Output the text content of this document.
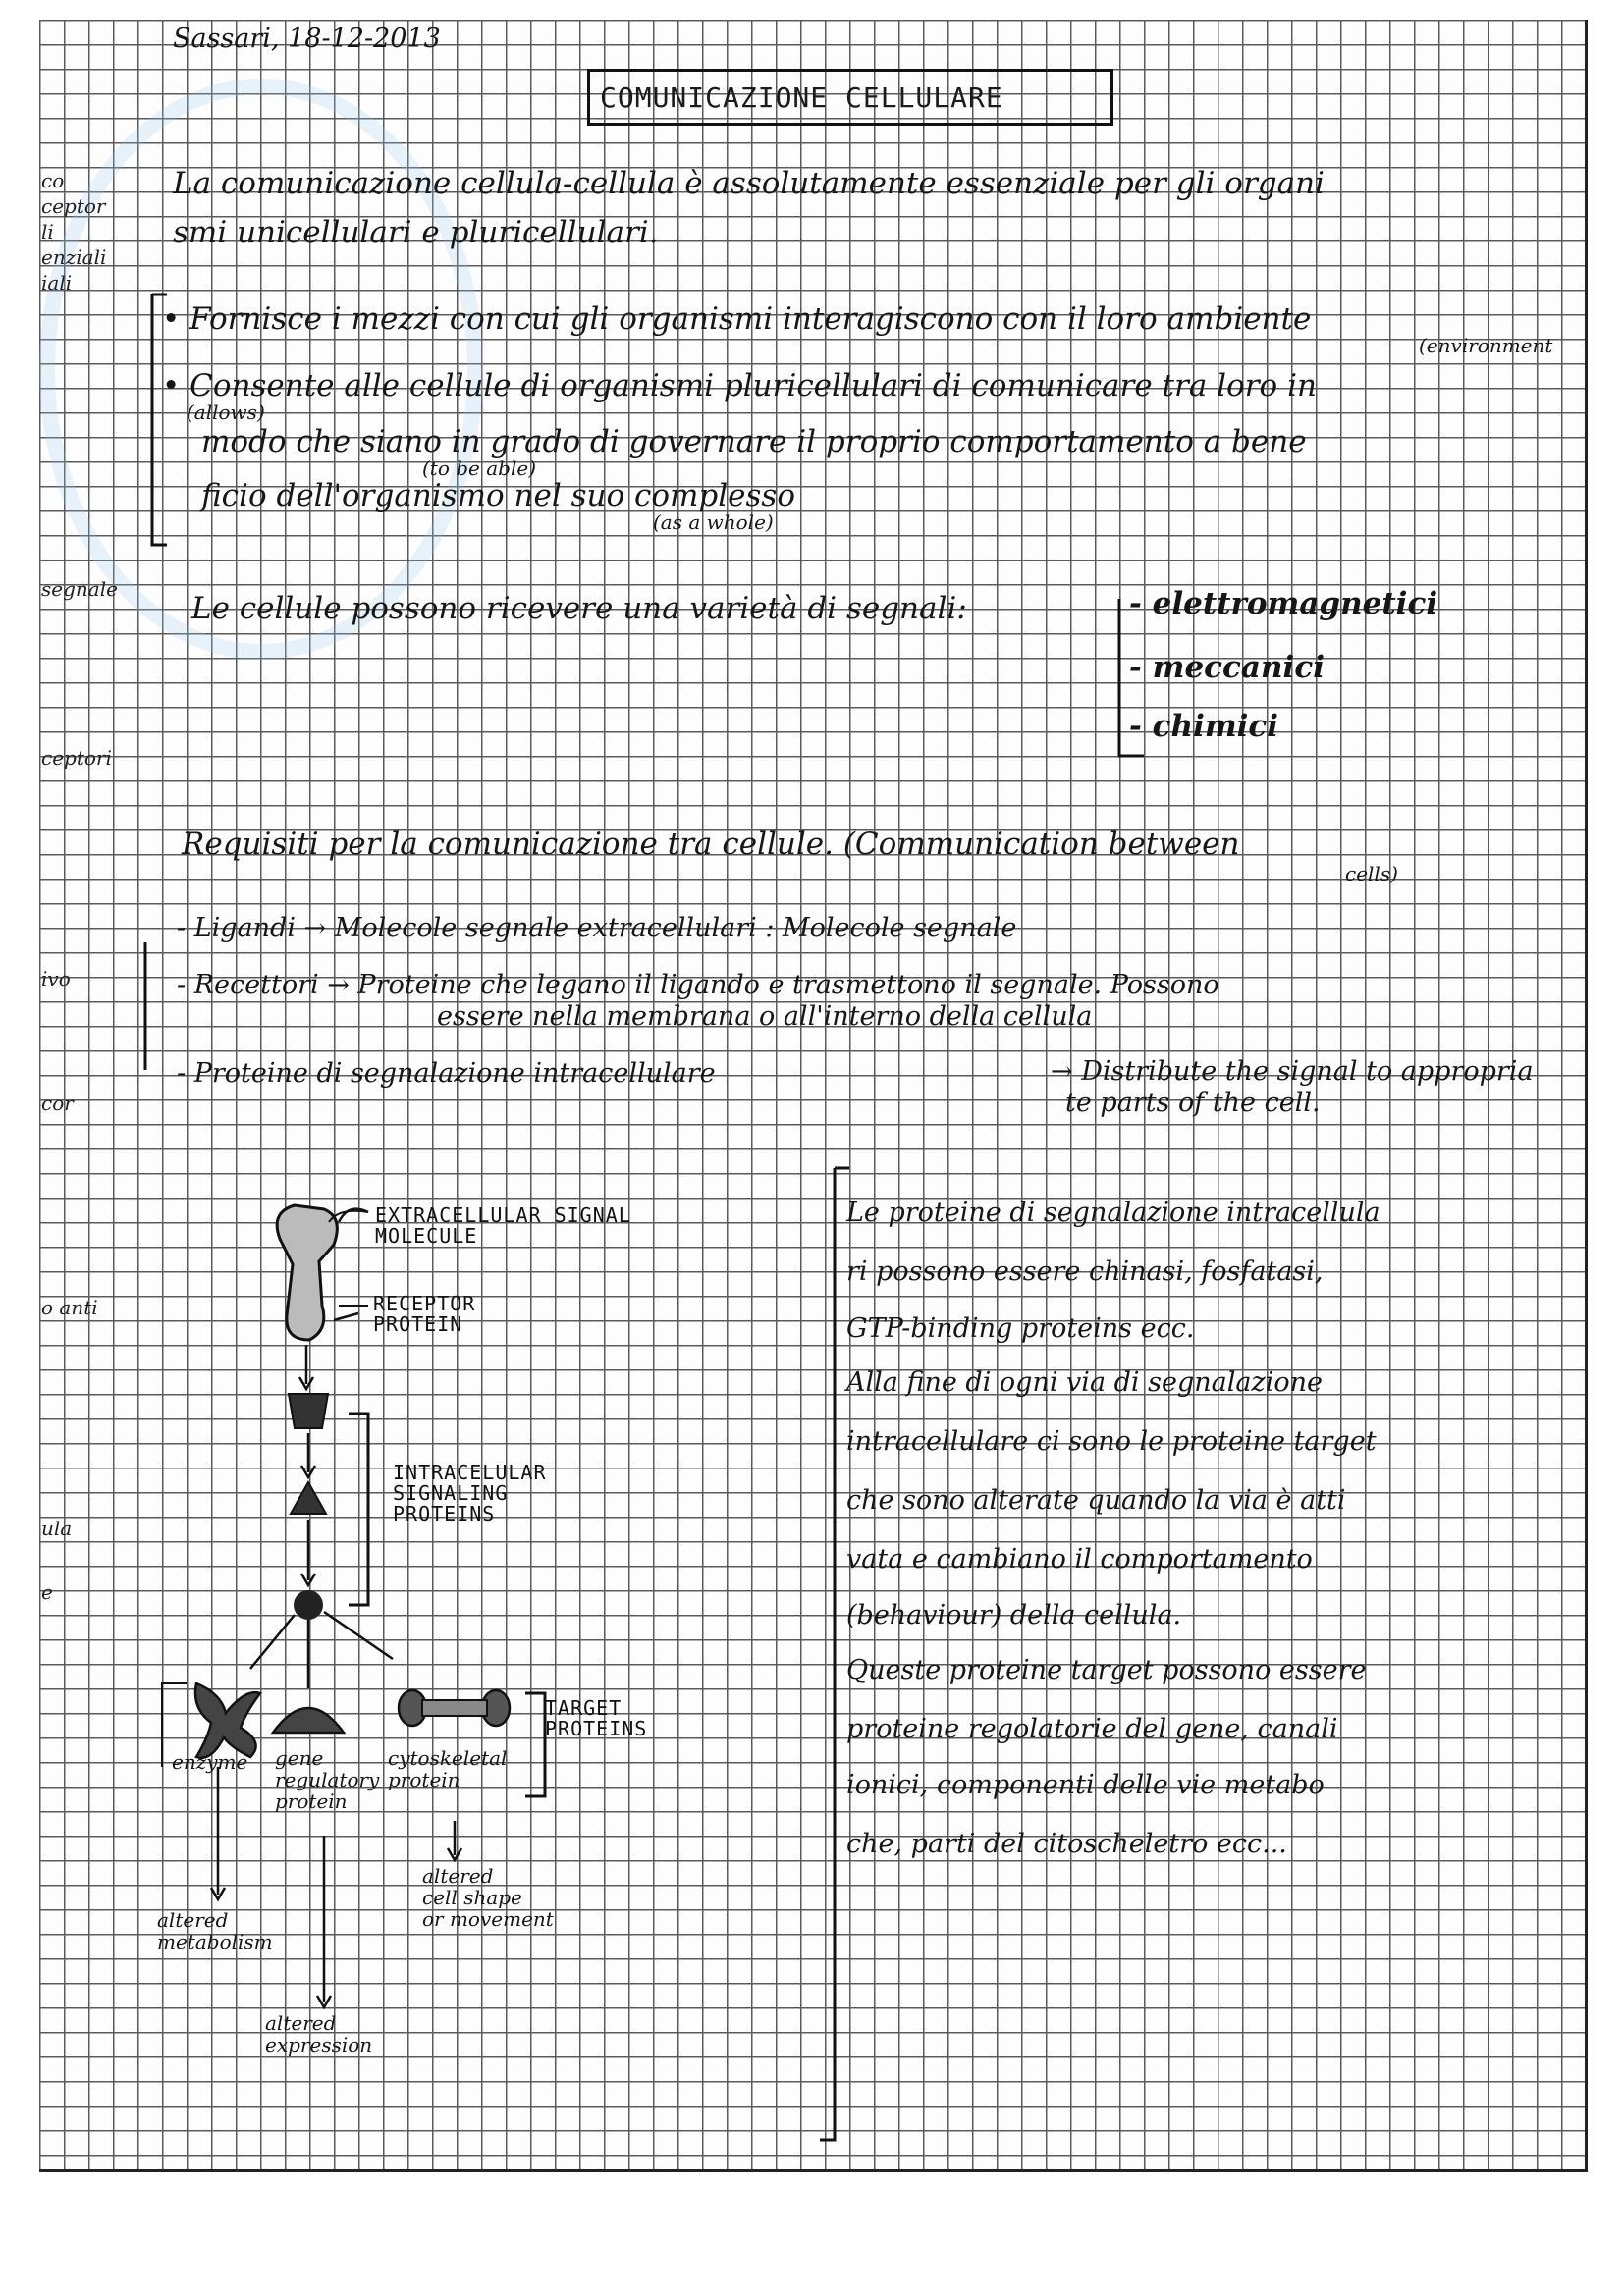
Sassari, 18-12-2013
COMUNICAZIONE CELLULARE
co
ceptor
li
enziali
iali
segnale
ceptori
ivo
cor
o anti
ula
e
La comunicazione cellula-cellula è assolutamente essenziale per gli organi
smi unicellulari e pluricellulari.
• Fornisce i mezzi con cui gli organismi interagiscono con il loro ambiente
(environment
• Consente alle cellule di organismi pluricellulari di comunicare tra loro in
(allows)
modo che siano in grado di governare il proprio comportamento a bene
(to be able)
ficio dell'organismo nel suo complesso
(as a whole)
Le cellule possono ricevere una varietà di segnali:	- elettromagnetici
- meccanici
- chimici
Requisiti per la comunicazione tra cellule. (Communication between
cells)
- Ligandi → Molecole segnale extracellulari : Molecole segnale
- Recettori → Proteine che legano il ligando e trasmettono il segnale. Possono
essere nella membrana o all'interno della cellula
- Proteine di segnalazione intracellulare	→ Distribute the signal to appropria
te parts of the cell.
EXTRACELLULAR SIGNAL
MOLECULE
RECEPTOR
PROTEIN
INTRACELULAR
SIGNALING
PROTEINS
TARGET
PROTEINS
enzyme gene
regulatory
protein
cytoskeletal
protein
altered
metabolism
altered
expression
altered
cell shape
or movement
Le proteine di segnalazione intracellula
ri possono essere chinasi, fosfatasi,
GTP-binding proteins ecc.
Alla fine di ogni via di segnalazione
intracellulare ci sono le proteine target
che sono alterate quando la via è atti
vata e cambiano il comportamento
(behaviour) della cellula.
Queste proteine target possono essere
proteine regolatorie del gene, canali
ionici, componenti delle vie metabo
che, parti del citoscheletro ecc...
